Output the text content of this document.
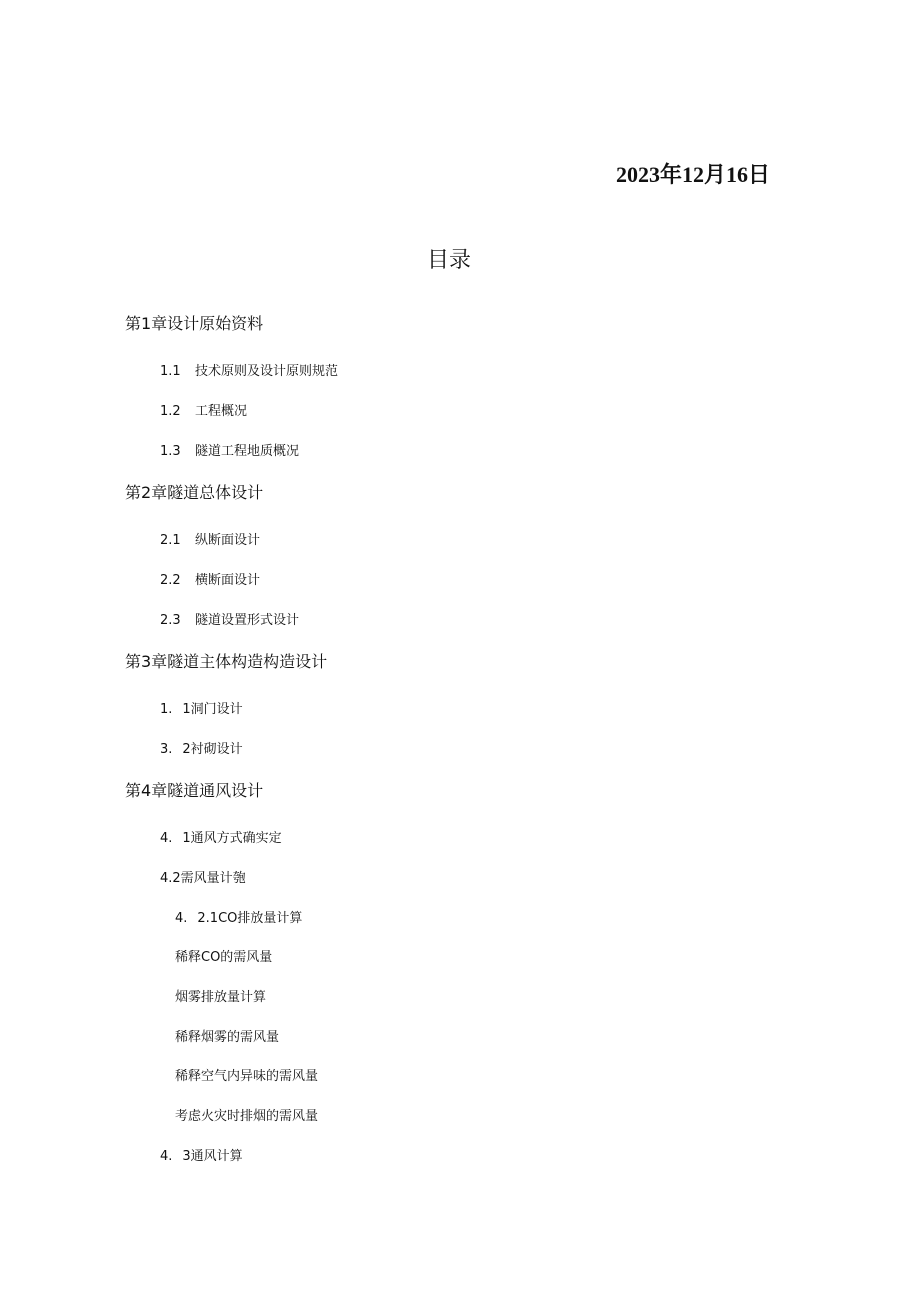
2023年12月16日
目录
第1章设计原始资料
1.1 技术原则及设计原则规范
1.2 工程概况
1.3 隧道工程地质概况
第2章隧道总体设计
2.1 纵断面设计
2.2 横断面设计
2.3 隧道设置形式设计
第3章隧道主体构造构造设计
1. 1洞门设计
3. 2衬砌设计
第4章隧道通风设计
4. 1通风方式确实定
4.2需风量计匏
4. 2.1CO排放量计算
稀释CO的需风量
烟雾排放量计算
稀释烟雾的需风量
稀释空气内异味的需风量
考虑火灾时排烟的需风量
4. 3通风计算
